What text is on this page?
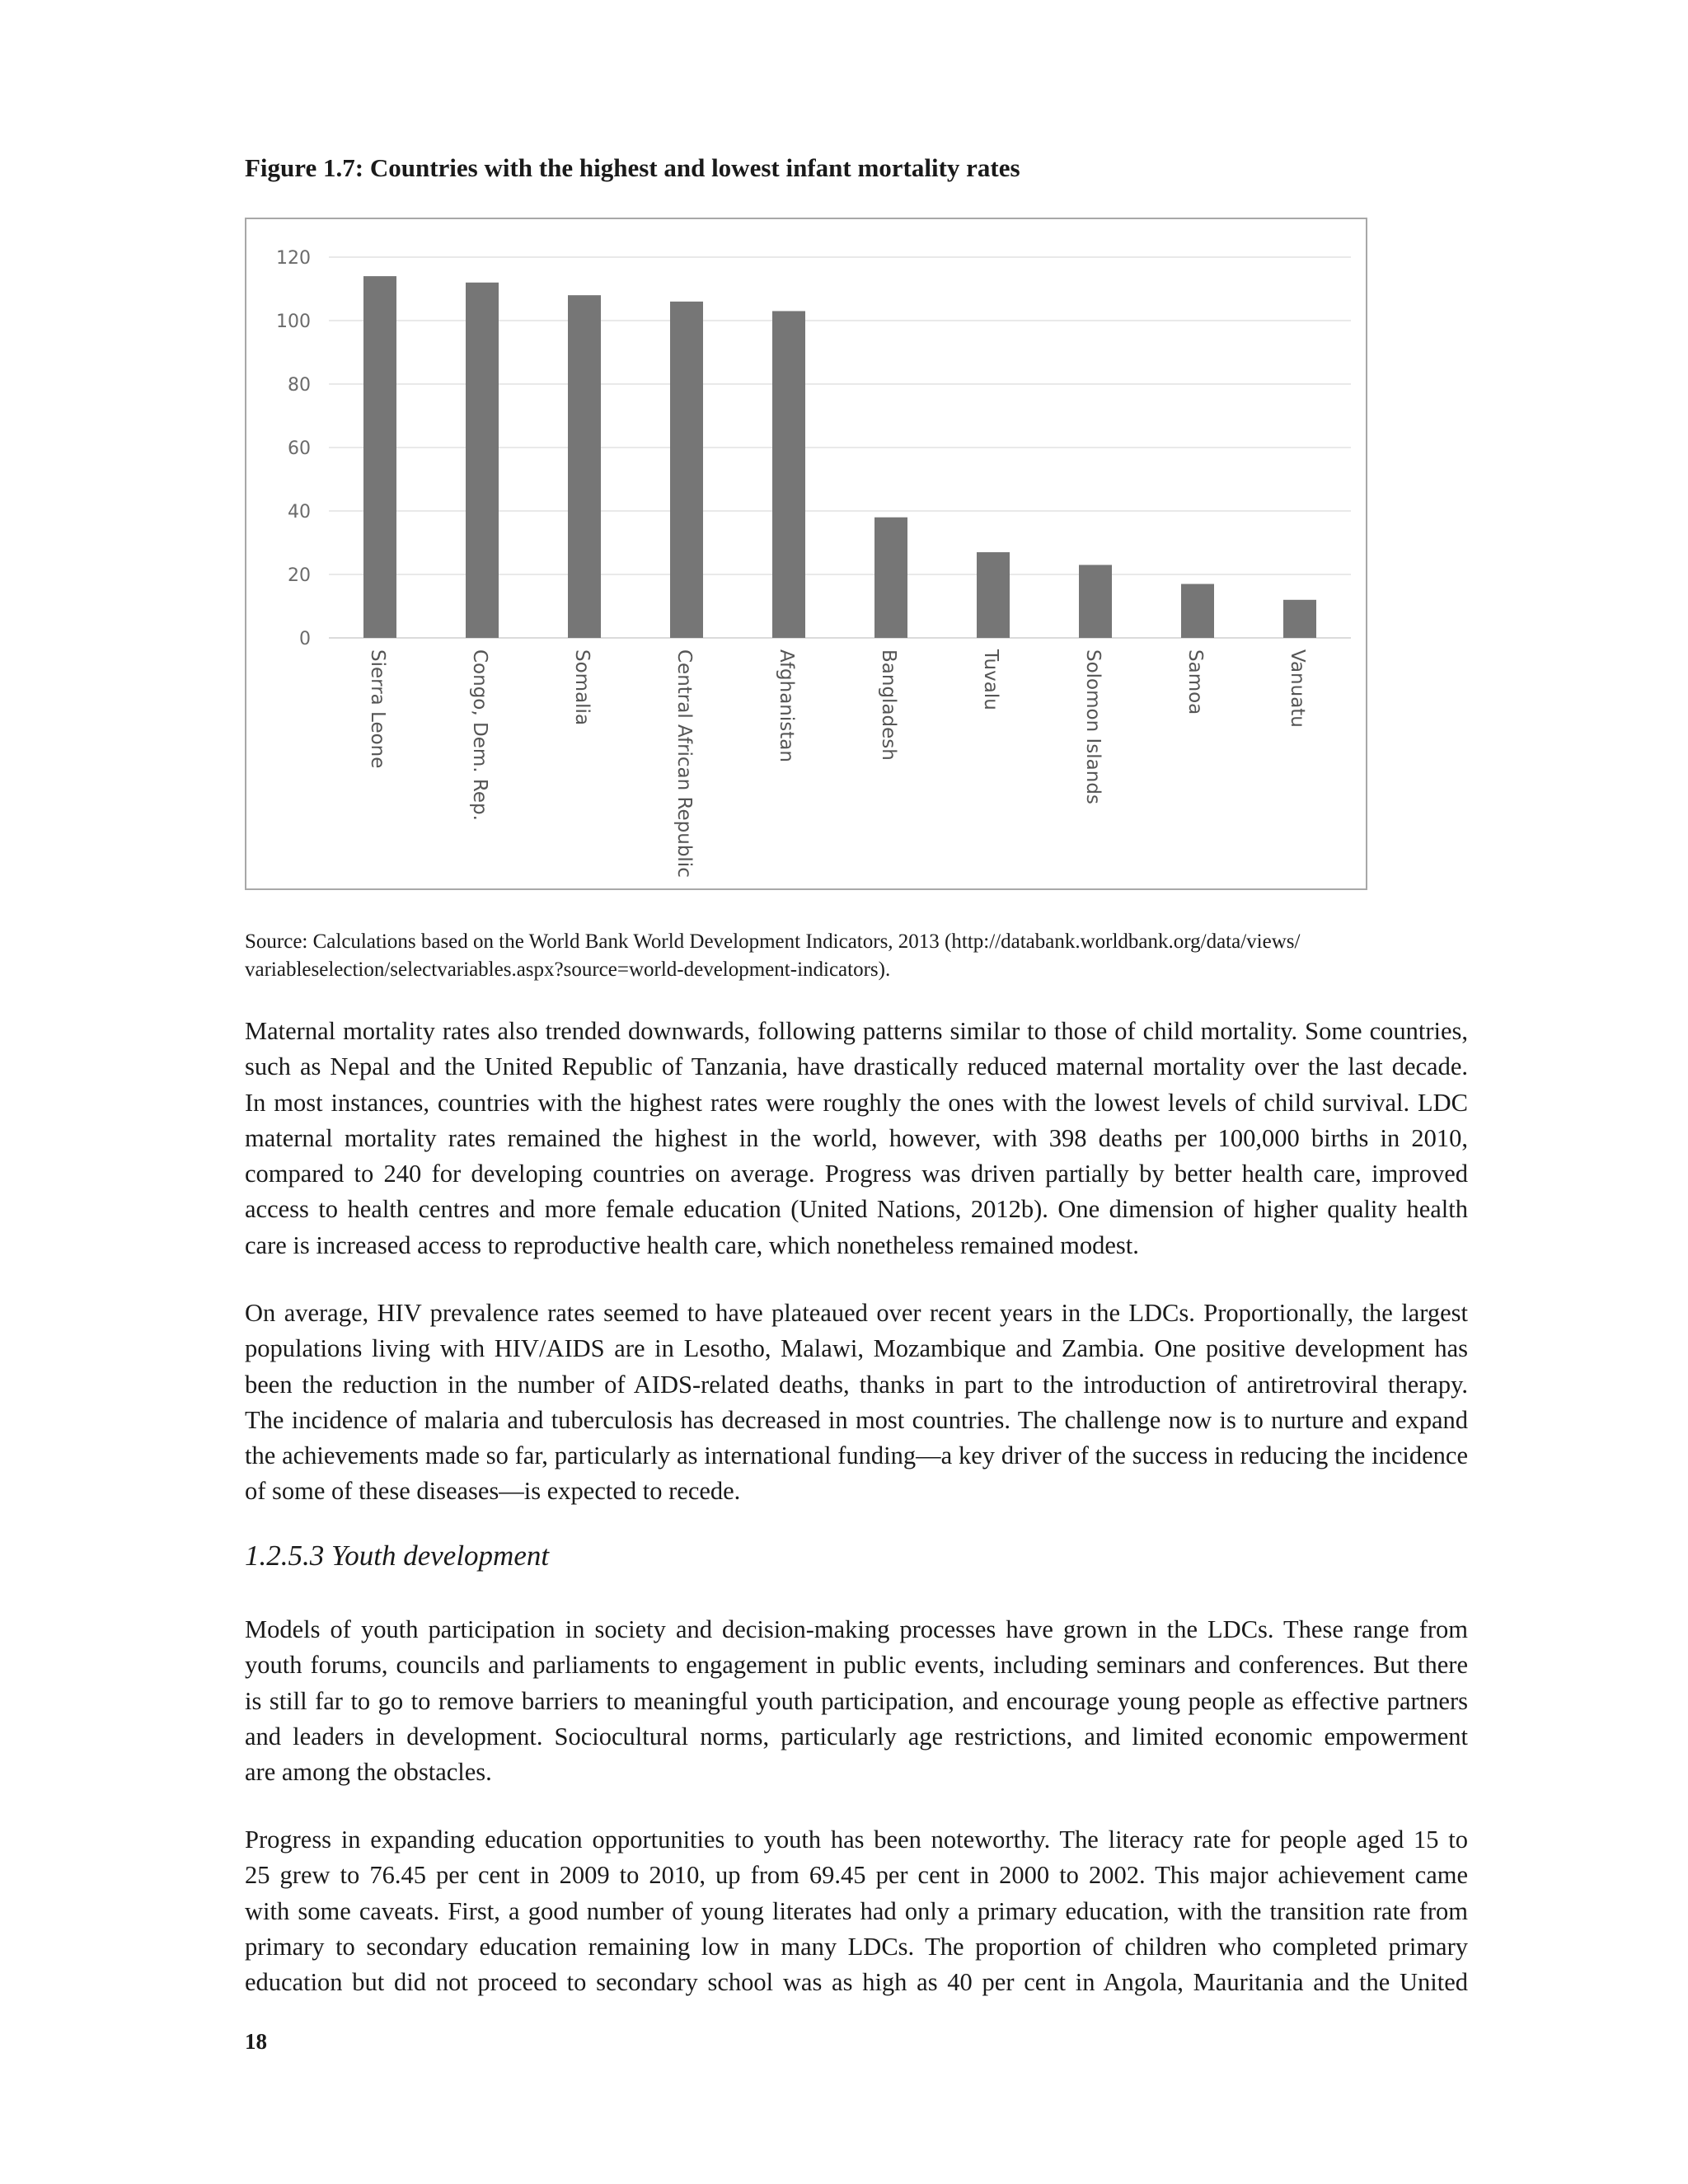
Figure 1.7: Countries with the highest and lowest infant mortality rates
0
20
40
60
80
100
120
Sierra Leone	Congo, Dem. Rep.	Somalia	Central African Republic	Afghanistan	Bangladesh	Tuvalu	Solomon Islands	Samoa	Vanuatu
Source: Calculations based on the World Bank World Development Indicators, 2013 (http://databank.worldbank.org/data/views/
variableselection/selectvariables.aspx?source=world-development-indicators).
Maternal mortality rates also trended downwards, following patterns similar to those of child mortality. Some countries,
such as Nepal and the United Republic of Tanzania, have drastically reduced maternal mortality over the last decade.
In most instances, countries with the highest rates were roughly the ones with the lowest levels of child survival. LDC
maternal mortality rates remained the highest in the world, however, with 398 deaths per 100,000 births in 2010,
compared to 240 for developing countries on average. Progress was driven partially by better health care, improved
access to health centres and more female education (United Nations, 2012b). One dimension of higher quality health
care is increased access to reproductive health care, which nonetheless remained modest.
On average, HIV prevalence rates seemed to have plateaued over recent years in the LDCs. Proportionally, the largest
populations living with HIV/AIDS are in Lesotho, Malawi, Mozambique and Zambia. One positive development has
been the reduction in the number of AIDS-related deaths, thanks in part to the introduction of antiretroviral therapy.
The incidence of malaria and tuberculosis has decreased in most countries. The challenge now is to nurture and expand
the achievements made so far, particularly as international funding—a key driver of the success in reducing the incidence
of some of these diseases—is expected to recede.
1.2.5.3 Youth development
Models of youth participation in society and decision-making processes have grown in the LDCs. These range from
youth forums, councils and parliaments to engagement in public events, including seminars and conferences. But there
is still far to go to remove barriers to meaningful youth participation, and encourage young people as effective partners
and leaders in development. Sociocultural norms, particularly age restrictions, and limited economic empowerment
are among the obstacles.
Progress in expanding education opportunities to youth has been noteworthy. The literacy rate for people aged 15 to
25 grew to 76.45 per cent in 2009 to 2010, up from 69.45 per cent in 2000 to 2002. This major achievement came
with some caveats. First, a good number of young literates had only a primary education, with the transition rate from
primary to secondary education remaining low in many LDCs. The proportion of children who completed primary
education but did not proceed to secondary school was as high as 40 per cent in Angola, Mauritania and the United
18
